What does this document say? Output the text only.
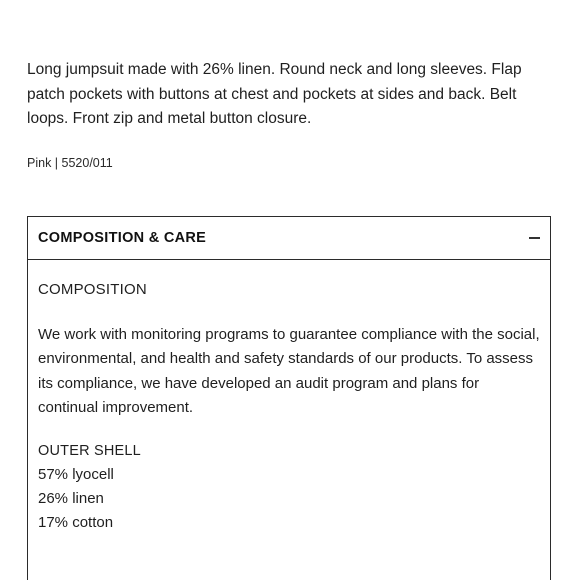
Long jumpsuit made with 26% linen. Round neck and long sleeves. Flap patch pockets with buttons at chest and pockets at sides and back. Belt loops. Front zip and metal button closure.

Pink | 5520/011

COMPOSITION & CARE

COMPOSITION

We work with monitoring programs to guarantee compliance with the social, environmental, and health and safety standards of our products. To assess its compliance, we have developed an audit program and plans for continual improvement.

OUTER SHELL

57% lyocell
26% linen
17% cotton
